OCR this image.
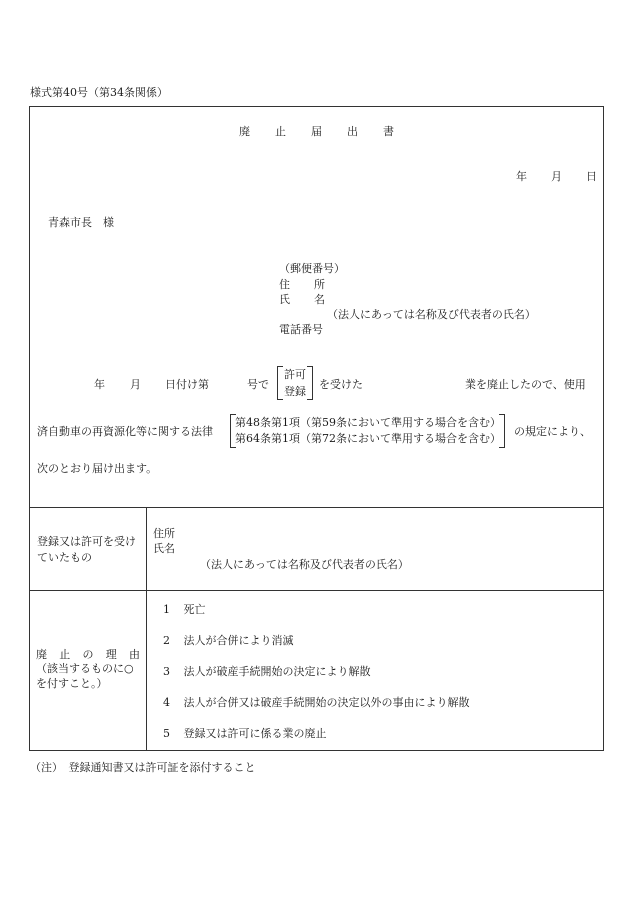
様式第40号（第34条関係）
廃 止 届 出 書
年 月 日
青森市長　様
（郵便番号）
住 所
氏 名
（法人にあっては名称及び代表者の氏名）
電話番号
年 月 日付け第	号で
許可
登録
を受けた	業を廃止したので、使用
済自動車の再資源化等に関する法律
第48条第1項（第59条において準用する場合を含む）
第64条第1項（第72条において準用する場合を含む）
の規定により、
次のとおり届け出ます。
登録又は許可を受けていたもの
住所
氏名
（法人にあっては名称及び代表者の氏名）
廃 止 の 理 由
（該当するものに○を付すこと。）
1 死亡
2 法人が合併により消滅
3 法人が破産手続開始の決定により解散
4 法人が合併又は破産手続開始の決定以外の事由により解散
5 登録又は許可に係る業の廃止
（注）　登録通知書又は許可証を添付すること
